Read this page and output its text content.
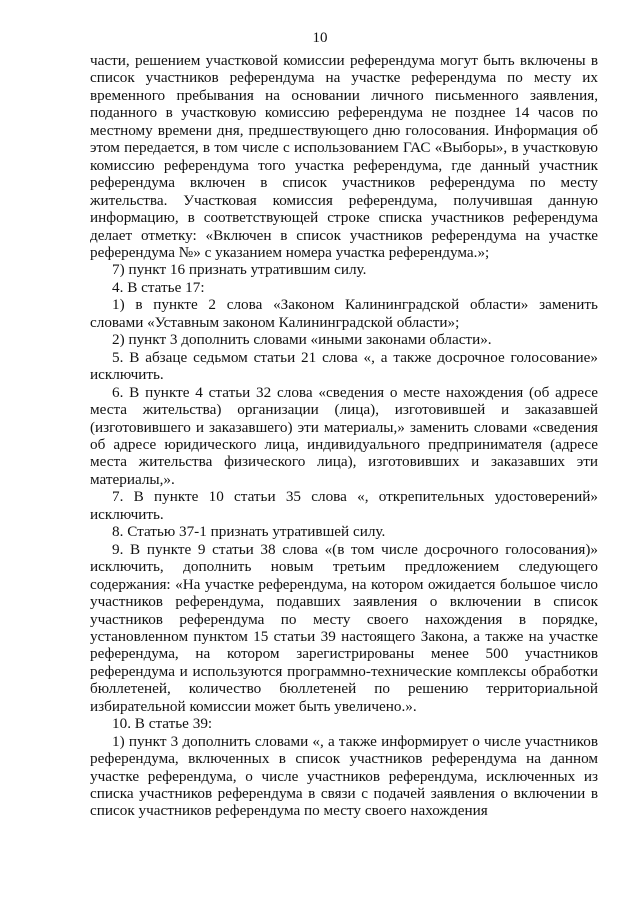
10

части, решением участковой комиссии референдума могут быть включены в список участников референдума на участке референдума по месту их временного пребывания на основании личного письменного заявления, поданного в участковую комиссию референдума не позднее 14 часов по местному времени дня, предшествующего дню голосования. Информация об этом передается, в том числе с использованием ГАС «Выборы», в участковую комиссию референдума того участка референдума, где данный участник референдума включен в список участников референдума по месту жительства. Участковая комиссия референдума, получившая данную информацию, в соответствующей строке списка участников референдума делает отметку: «Включен в список участников референдума на участке референдума №» с указанием номера участка референдума.»;

7) пункт 16 признать утратившим силу.

4. В статье 17:

1) в пункте 2 слова «Законом Калининградской области» заменить словами «Уставным законом Калининградской области»;

2) пункт 3 дополнить словами «иными законами области».

5. В абзаце седьмом статьи 21 слова «, а также досрочное голосование» исключить.

6. В пункте 4 статьи 32 слова «сведения о месте нахождения (об адресе места жительства) организации (лица), изготовившей и заказавшей (изготовившего и заказавшего) эти материалы,» заменить словами «сведения об адресе юридического лица, индивидуального предпринимателя (адресе места жительства физического лица), изготовивших и заказавших эти материалы,».

7. В пункте 10 статьи 35 слова «, открепительных удостоверений» исключить.

8. Статью 37-1 признать утратившей силу.

9. В пункте 9 статьи 38 слова «(в том числе досрочного голосования)» исключить, дополнить новым третьим предложением следующего содержания: «На участке референдума, на котором ожидается большое число участников референдума, подавших заявления о включении в список участников референдума по месту своего нахождения в порядке, установленном пунктом 15 статьи 39 настоящего Закона, а также на участке референдума, на котором зарегистрированы менее 500 участников референдума и используются программно-технические комплексы обработки бюллетеней, количество бюллетеней по решению территориальной избирательной комиссии может быть увеличено.».

10. В статье 39:

1) пункт 3 дополнить словами «, а также информирует о числе участников референдума, включенных в список участников референдума на данном участке референдума, о числе участников референдума, исключенных из списка участников референдума в связи с подачей заявления о включении в список участников референдума по месту своего нахождения
